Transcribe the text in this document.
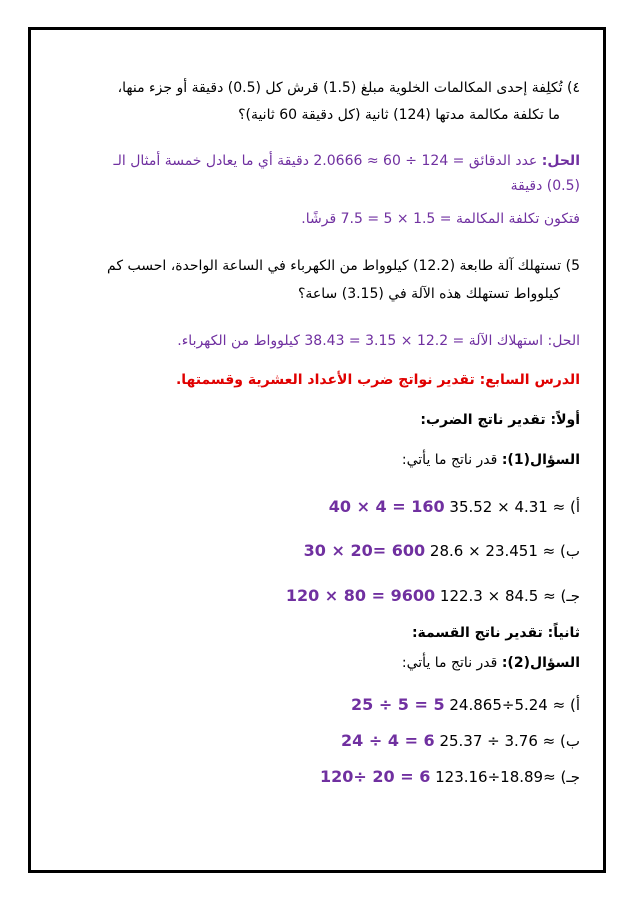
٤) تُكلِفة إحدى المكالمات الخلوية مبلغ (1.5) قرش كل (0.5) دقيقة أو جزء منها،
ما تكلفة مكالمة مدتها (124) ثانية (كل دقيقة 60 ثانية)؟
الحل: عدد الدقائق = 124 ÷ 60 ≈ 2.0666 دقيقة أي ما يعادل خمسة أمثال الـ
(0.5) دقيقة
فتكون تكلفة المكالمة = 1.5 × 5 = 7.5 قرشًا.
5) تستهلك آلة طابعة (12.2) كيلوواط من الكهرباء في الساعة الواحدة، احسب كم
كيلوواط تستهلك هذه الآلة في (3.15) ساعة؟
الحل: استهلاك الآلة = 12.2 × 3.15 = 38.43 كيلوواط من الكهرباء.
الدرس السابع: تقدير نواتج ضرب الأعداد العشرية وقسمتها.
أولاً: تقدير ناتج الضرب:
السؤال(1): قدر ناتج ما يأتي:
أ) 35.52 × 4.31 ≈ 40 × 4 = 160
ب) 28.6 × 23.451 ≈ 30 × 20= 600
جـ) 122.3 × 84.5 ≈ 120 × 80 = 9600
ثانياً: تقدير ناتج القسمة:
السؤال(2): قدر ناتج ما يأتي:
أ) 24.865÷5.24 ≈ 25 ÷ 5 = 5
ب) 25.37 ÷ 3.76 ≈ 24 ÷ 4 = 6
جـ) 123.16÷18.89≈ 120÷ 20 = 6
